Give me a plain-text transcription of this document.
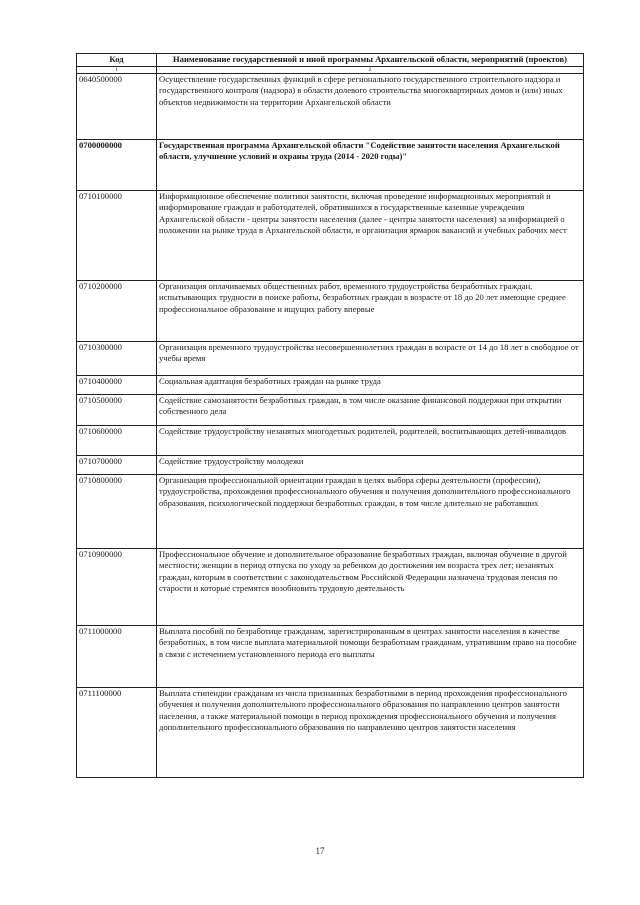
Код	Наименование государственной и иной программы Архангельской области, мероприятий (проектов)
1	2
0640500000	Осуществление государственных функций в сфере регионального государственного строительного надзора и государственного контроля (надзора) в области долевого строительства многоквартирных домов и (или) иных объектов недвижимости на территории Архангельской области
0700000000	Государственная программа Архангельской области "Содействие занятости населения Архангельской области, улучшение условий и охраны труда (2014 - 2020 годы)"
0710100000	Информационное обеспечение политики занятости, включая проведение информационных мероприятий и информирование граждан и работодателей, обратившихся в государственные казенные учреждения Архангельской области - центры занятости населения (далее - центры занятости населения) за информацией о положении на рынке труда в Архангельской области, и организация ярмарок вакансий и учебных рабочих мест
0710200000	Организация оплачиваемых общественных работ, временного трудоустройства безработных граждан, испытывающих трудности в поиске работы, безработных граждан в возрасте от 18 до 20 лет имеющие среднее профессиональное образование и ищущих работу впервые
0710300000	Организация временного трудоустройства несовершеннолетних граждан в возрасте от 14 до 18 лет в свободное от учебы время
0710400000	Социальная адаптация безработных граждан на рынке труда
0710500000	Содействие самозанятости безработных граждан, в том числе оказание финансовой поддержки при открытии собственного дела
0710600000	Содействие трудоустройству незанятых многодетных родителей, родителей, воспитывающих детей-инвалидов
0710700000	Содействие трудоустройству молодежи
0710800000	Организация профессиональной ориентации граждан в целях выбора сферы деятельности (профессии), трудоустройства, прохождения профессионального обучения и получения дополнительного профессионального образования, психологической поддержки безработных граждан, в том числе длительно не работавших
0710900000	Профессиональное обучение и дополнительное образование безработных граждан, включая обучение в другой местности; женщин в период отпуска по уходу за ребенком до достижения им возраста трех лет; незанятых граждан, которым в соответствии с законодательством Российской Федерации назначена трудовая пенсия по старости и которые стремятся возобновить трудовую деятельность
0711000000	Выплата пособий по безработице гражданам, зарегистрированным в центрах занятости населения в качестве безработных, в том числе выплата материальной помощи безработным гражданам, утратившим право на пособие в связи с истечением установленного периода его выплаты
0711100000	Выплата стипендии гражданам из числа признанных безработными в период прохождения профессионального обучения и получения дополнительного профессионального образования по направлению центров занятости населения, а также материальной помощи в период прохождения профессионального обучения и получения дополнительного профессионального образования по направлению центров занятости населения
17
